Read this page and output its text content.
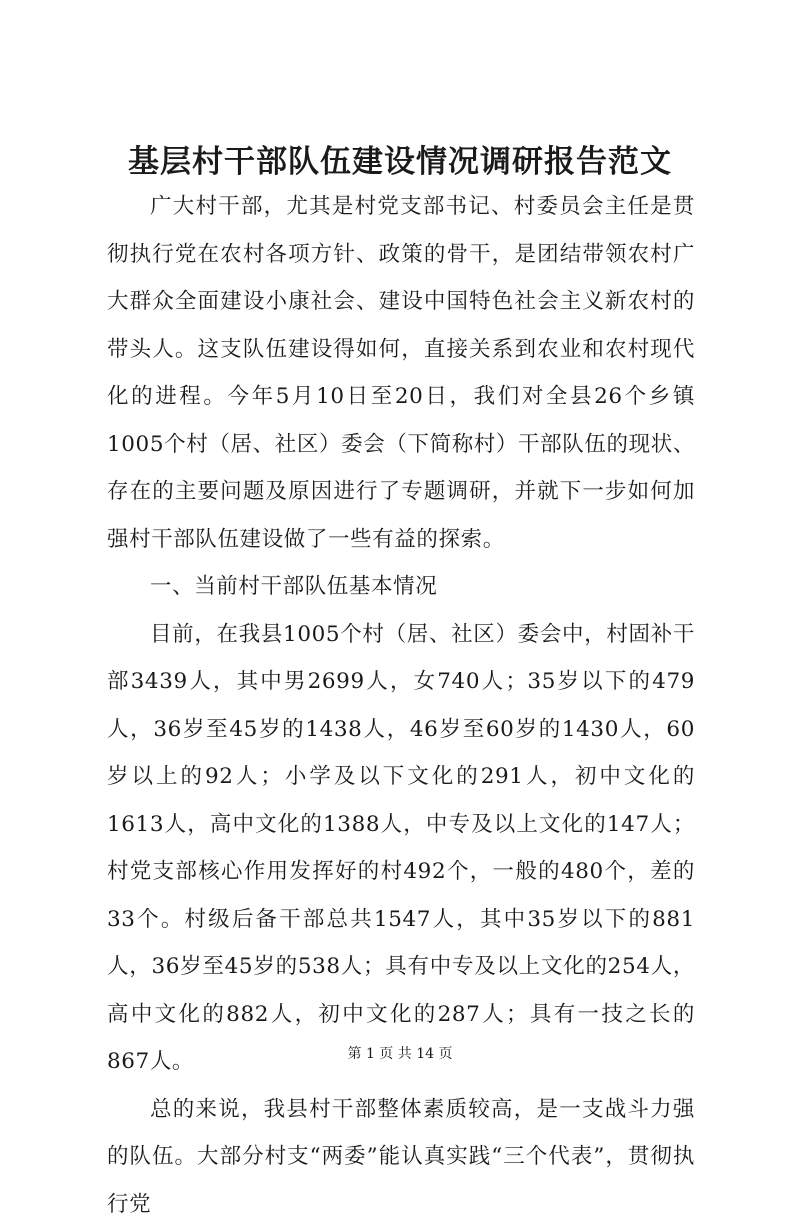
基层村干部队伍建设情况调研报告范文

广大村干部，尤其是村党支部书记、村委员会主任是贯彻执行党在农村各项方针、政策的骨干，是团结带领农村广大群众全面建设小康社会、建设中国特色社会主义新农村的带头人。这支队伍建设得如何，直接关系到农业和农村现代化的进程。今年5月10日至20日，我们对全县26个乡镇1005个村（居、社区）委会（下简称村）干部队伍的现状、存在的主要问题及原因进行了专题调研，并就下一步如何加强村干部队伍建设做了一些有益的探索。

一、当前村干部队伍基本情况

目前，在我县1005个村（居、社区）委会中，村固补干部3439人，其中男2699人，女740人；35岁以下的479人，36岁至45岁的1438人，46岁至60岁的1430人，60岁以上的92人；小学及以下文化的291人，初中文化的1613人，高中文化的1388人，中专及以上文化的147人；村党支部核心作用发挥好的村492个，一般的480个，差的33个。村级后备干部总共1547人，其中35岁以下的881人，36岁至45岁的538人；具有中专及以上文化的254人，高中文化的882人，初中文化的287人；具有一技之长的867人。

总的来说，我县村干部整体素质较高，是一支战斗力强的队伍。大部分村支“两委”能认真实践“三个代表”，贯彻执行党

第 1 页 共 14 页
